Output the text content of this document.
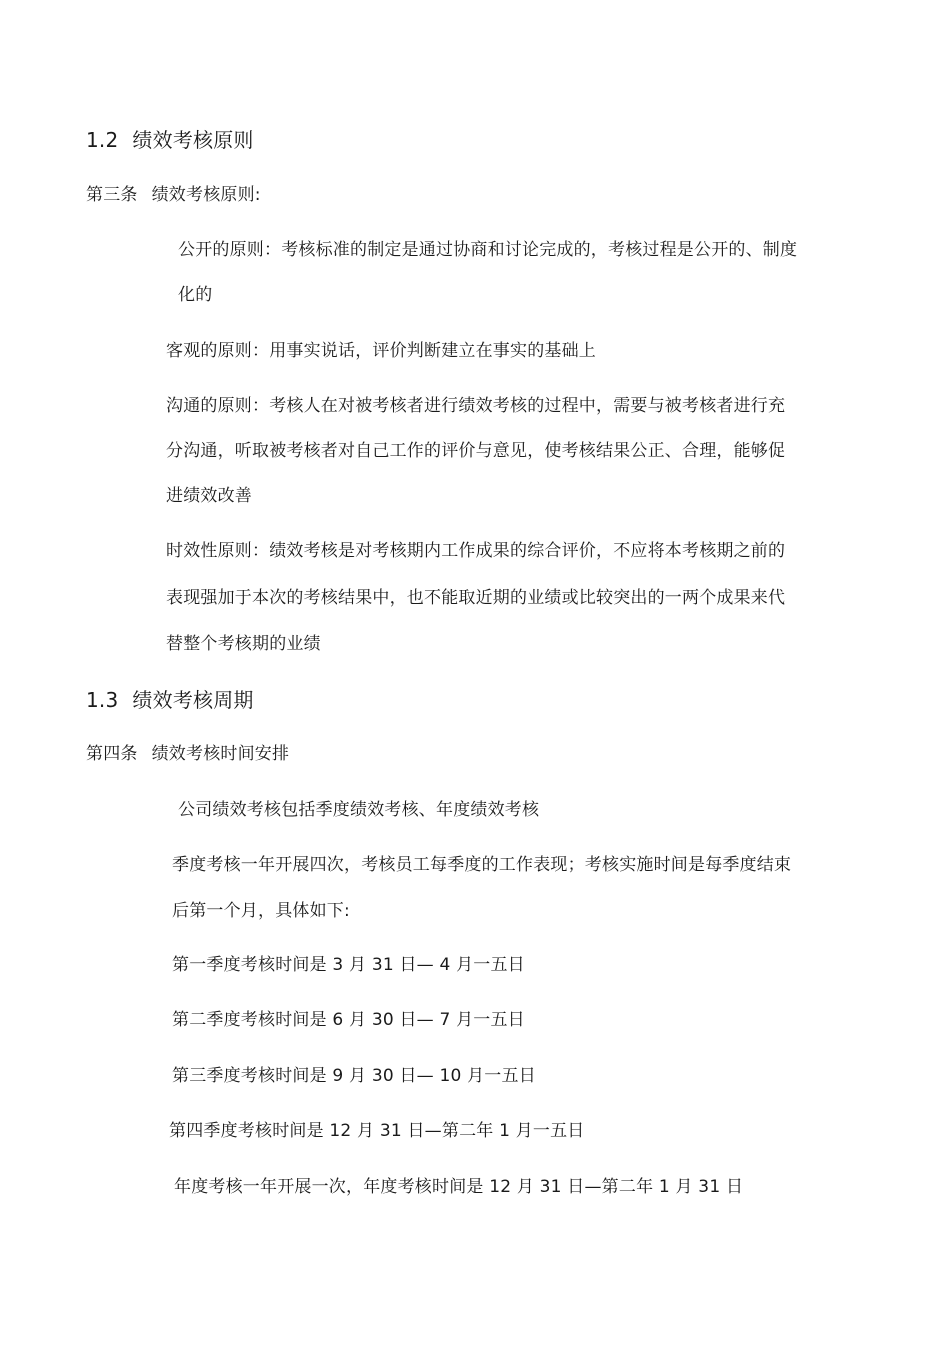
1.2 绩效考核原则
第三条 绩效考核原则:
公开的原则：考核标准的制定是通过协商和讨论完成的，考核过程是公开的、制度
化的
客观的原则：用事实说话，评价判断建立在事实的基础上
沟通的原则：考核人在对被考核者进行绩效考核的过程中，需要与被考核者进行充
分沟通，听取被考核者对自己工作的评价与意见，使考核结果公正、合理，能够促
进绩效改善
时效性原则：绩效考核是对考核期内工作成果的综合评价，不应将本考核期之前的
表现强加于本次的考核结果中，也不能取近期的业绩或比较突出的一两个成果来代
替整个考核期的业绩
1.3 绩效考核周期
第四条 绩效考核时间安排
公司绩效考核包括季度绩效考核、年度绩效考核
季度考核一年开展四次，考核员工每季度的工作表现；考核实施时间是每季度结束
后第一个月，具体如下:
第一季度考核时间是 3 月 31 日— 4 月一五日
第二季度考核时间是 6 月 30 日— 7 月一五日
第三季度考核时间是 9 月 30 日— 10 月一五日
第四季度考核时间是 12 月 31 日—第二年 1 月一五日
年度考核一年开展一次，年度考核时间是 12 月 31 日—第二年 1 月 31 日
